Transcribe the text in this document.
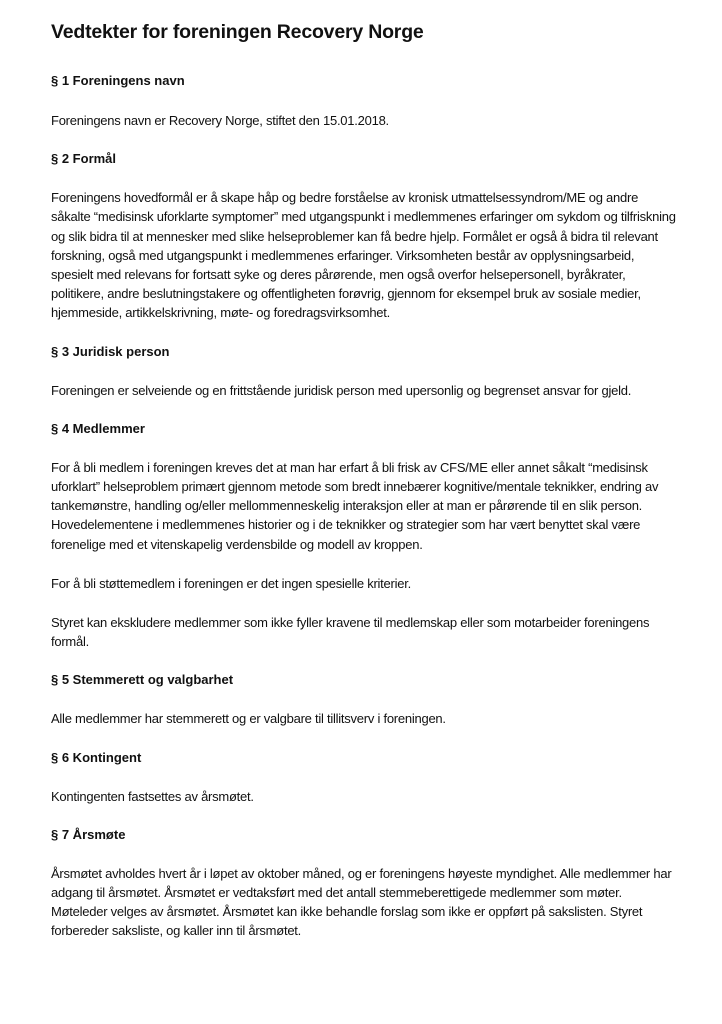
Vedtekter for foreningen Recovery Norge
§ 1 Foreningens navn

Foreningens navn er Recovery Norge, stiftet den 15.01.2018.

§ 2 Formål

Foreningens hovedformål er å skape håp og bedre forståelse av kronisk utmattelsessyndrom/ME og andre såkalte “medisinsk uforklarte symptomer” med utgangspunkt i medlemmenes erfaringer om sykdom og tilfriskning og slik bidra til at mennesker med slike helseproblemer kan få bedre hjelp. Formålet er også å bidra til relevant forskning, også med utgangspunkt i medlemmenes erfaringer. Virksomheten består av opplysningsarbeid, spesielt med relevans for fortsatt syke og deres pårørende, men også overfor helsepersonell, byråkrater, politikere, andre beslutningstakere og offentligheten forøvrig, gjennom for eksempel bruk av sosiale medier, hjemmeside, artikkelskrivning, møte- og foredragsvirksomhet.

§ 3 Juridisk person

Foreningen er selveiende og en frittstående juridisk person med upersonlig og begrenset ansvar for gjeld.

§ 4 Medlemmer

For å bli medlem i foreningen kreves det at man har erfart å bli frisk av CFS/ME eller annet såkalt “medisinsk uforklart” helseproblem primært gjennom metode som bredt innebærer kognitive/mentale teknikker, endring av tankemønstre, handling og/eller mellommenneskelig interaksjon eller at man er pårørende til en slik person. Hovedelementene i medlemmenes historier og i de teknikker og strategier som har vært benyttet skal være forenelige med et vitenskapelig verdensbilde og modell av kroppen.

For å bli støttemedlem i foreningen er det ingen spesielle kriterier.

Styret kan ekskludere medlemmer som ikke fyller kravene til medlemskap eller som motarbeider foreningens formål.

§ 5 Stemmerett og valgbarhet

Alle medlemmer har stemmerett og er valgbare til tillitsverv i foreningen.

§ 6 Kontingent

Kontingenten fastsettes av årsmøtet.

§ 7 Årsmøte

Årsmøtet avholdes hvert år i løpet av oktober måned, og er foreningens høyeste myndighet. Alle medlemmer har adgang til årsmøtet. Årsmøtet er vedtaksført med det antall stemmeberettigede medlemmer som møter. Møteleder velges av årsmøtet. Årsmøtet kan ikke behandle forslag som ikke er oppført på sakslisten. Styret forbereder saksliste, og kaller inn til årsmøtet.
